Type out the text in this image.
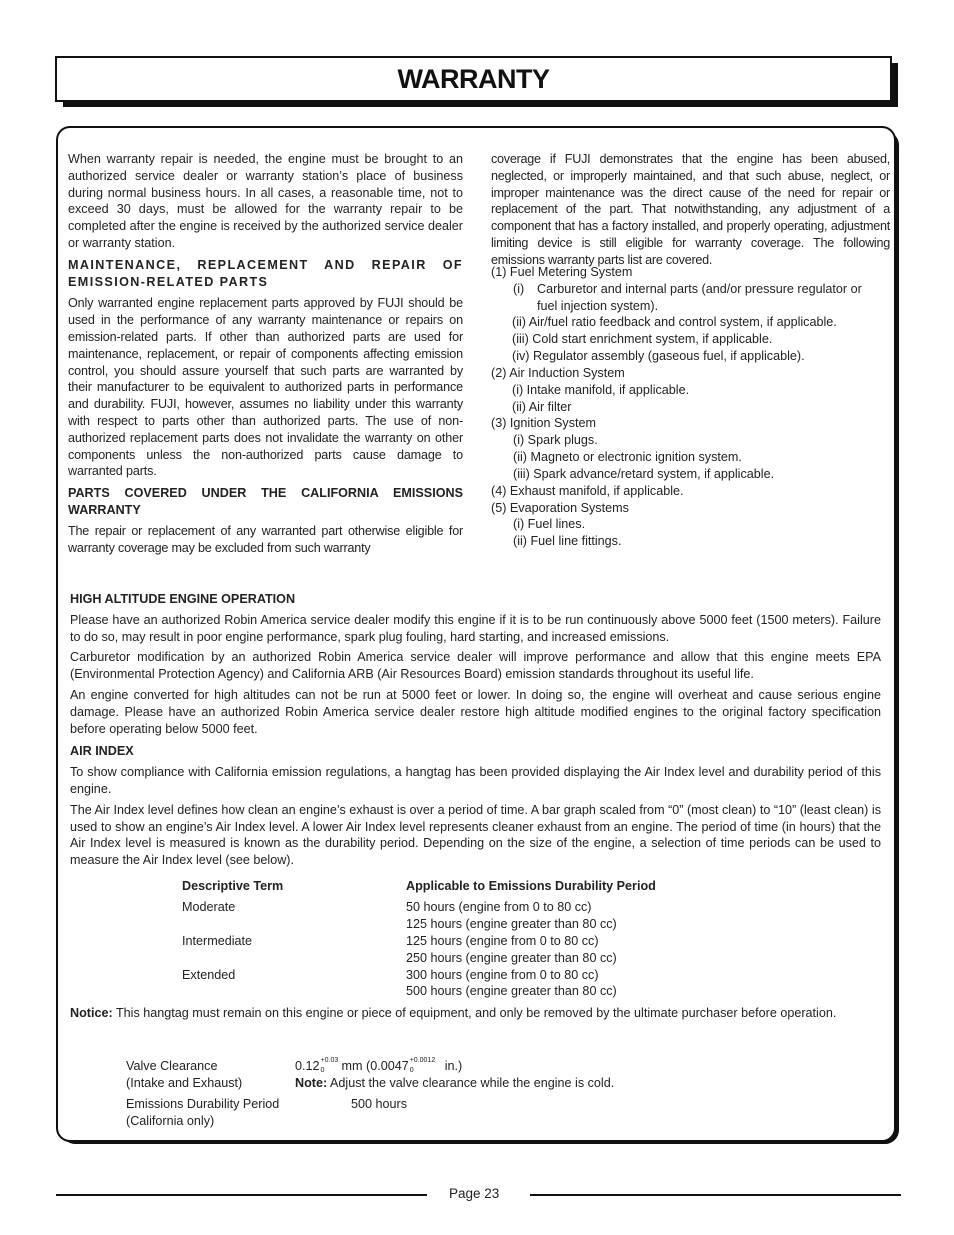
WARRANTY

When warranty repair is needed, the engine must be brought to an authorized service dealer or warranty station’s place of business during normal business hours. In all cases, a reasonable time, not to exceed 30 days, must be allowed for the warranty repair to be completed after the engine is received by the authorized service dealer or warranty station.

MAINTENANCE, REPLACEMENT AND REPAIR OF EMISSION-RELATED PARTS

Only warranted engine replacement parts approved by FUJI should be used in the performance of any warranty maintenance or repairs on emission-related parts. If other than authorized parts are used for maintenance, replacement, or repair of components affecting emission control, you should assure yourself that such parts are warranted by their manufacturer to be equivalent to authorized parts in performance and durability. FUJI, however, assumes no liability under this warranty with respect to parts other than authorized parts. The use of non-authorized replacement parts does not invalidate the warranty on other components unless the non-authorized parts cause damage to warranted parts.

PARTS COVERED UNDER THE CALIFORNIA EMISSIONS WARRANTY

The repair or replacement of any warranted part otherwise eligible for warranty coverage may be excluded from such warranty

coverage if FUJI demonstrates that the engine has been abused, neglected, or improperly maintained, and that such abuse, neglect, or improper maintenance was the direct cause of the need for repair or replacement of the part. That notwithstanding, any adjustment of a component that has a factory installed, and properly operating, adjustment limiting device is still eligible for warranty coverage. The following emissions warranty parts list are covered.

(1) Fuel Metering System
(i) Carburetor and internal parts (and/or pressure regulator or
fuel injection system).
(ii) Air/fuel ratio feedback and control system, if applicable.
(iii) Cold start enrichment system, if applicable.
(iv) Regulator assembly (gaseous fuel, if applicable).
(2) Air Induction System
(i) Intake manifold, if applicable.
(ii) Air filter
(3) Ignition System
(i) Spark plugs.
(ii) Magneto or electronic ignition system.
(iii) Spark advance/retard system, if applicable.
(4) Exhaust manifold, if applicable.
(5) Evaporation Systems
(i) Fuel lines.
(ii) Fuel line fittings.

HIGH ALTITUDE ENGINE OPERATION

Please have an authorized Robin America service dealer modify this engine if it is to be run continuously above 5000 feet (1500 meters). Failure to do so, may result in poor engine performance, spark plug fouling, hard starting, and increased emissions.

Carburetor modification by an authorized Robin America service dealer will improve performance and allow that this engine meets EPA (Environmental Protection Agency) and California ARB (Air Resources Board) emission standards throughout its useful life.

An engine converted for high altitudes can not be run at 5000 feet or lower. In doing so, the engine will overheat and cause serious engine damage. Please have an authorized Robin America service dealer restore high altitude modified engines to the original factory specification before operating below 5000 feet.

AIR INDEX

To show compliance with California emission regulations, a hangtag has been provided displaying the Air Index level and durability period of this engine.

The Air Index level defines how clean an engine’s exhaust is over a period of time. A bar graph scaled from “0” (most clean) to “10” (least clean) is used to show an engine’s Air Index level. A lower Air Index level represents cleaner exhaust from an engine. The period of time (in hours) that the Air Index level is measured is known as the durability period. Depending on the size of the engine, a selection of time periods can be used to measure the Air Index level (see below).

Descriptive Term	Applicable to Emissions Durability Period
Moderate	50 hours (engine from 0 to 80 cc)
125 hours (engine greater than 80 cc)
Intermediate	125 hours (engine from 0 to 80 cc)
250 hours (engine greater than 80 cc)
Extended	300 hours (engine from 0 to 80 cc)
500 hours (engine greater than 80 cc)

Notice: This hangtag must remain on this engine or piece of equipment, and only be removed by the ultimate purchaser before operation.

Valve Clearance	0.12 +0.03
0 mm (0.0047 +0.0012
0 in.)
(Intake and Exhaust)	Note: Adjust the valve clearance while the engine is cold.
Emissions Durability Period	500 hours
(California only)
Page 23
